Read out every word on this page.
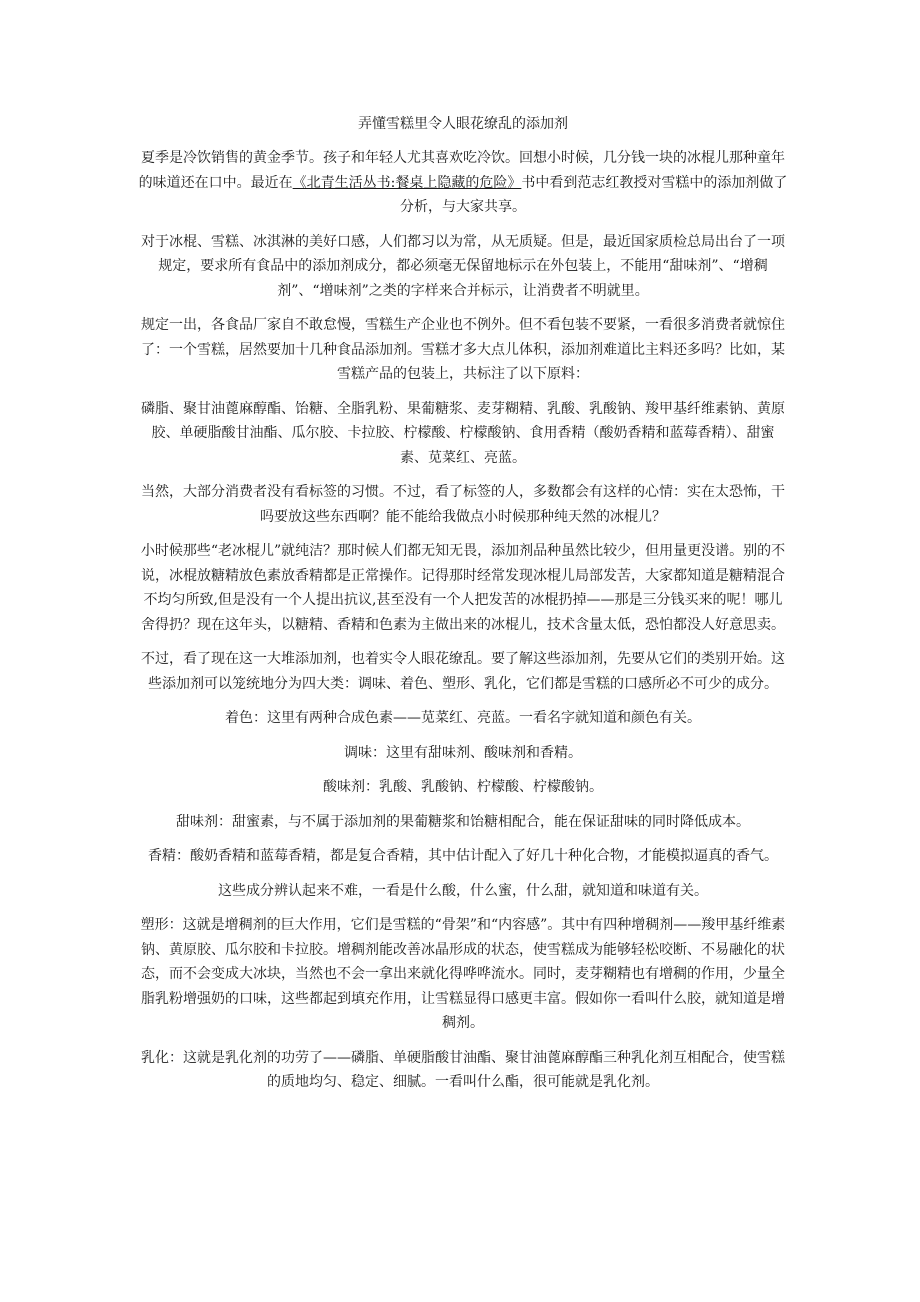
弄懂雪糕里令人眼花缭乱的添加剂
夏季是冷饮销售的黄金季节。孩子和年轻人尤其喜欢吃冷饮。回想小时候，几分钱一块的冰棍儿那种童年的味道还在口中。最近在《北青生活丛书:餐桌上隐藏的危险》书中看到范志红教授对雪糕中的添加剂做了分析，与大家共享。
对于冰棍、雪糕、冰淇淋的美好口感，人们都习以为常，从无质疑。但是，最近国家质检总局出台了一项规定，要求所有食品中的添加剂成分，都必须毫无保留地标示在外包装上，不能用“甜味剂”、“增稠剂”、“增味剂”之类的字样来合并标示，让消费者不明就里。
规定一出，各食品厂家自不敢怠慢，雪糕生产企业也不例外。但不看包装不要紧，一看很多消费者就惊住了：一个雪糕，居然要加十几种食品添加剂。雪糕才多大点儿体积，添加剂难道比主料还多吗？比如，某雪糕产品的包装上，共标注了以下原料：
磷脂、聚甘油蓖麻醇酯、饴糖、全脂乳粉、果葡糖浆、麦芽糊精、乳酸、乳酸钠、羧甲基纤维素钠、黄原胶、单硬脂酸甘油酯、瓜尔胶、卡拉胶、柠檬酸、柠檬酸钠、食用香精（酸奶香精和蓝莓香精）、甜蜜素、苋菜红、亮蓝。
当然，大部分消费者没有看标签的习惯。不过，看了标签的人，多数都会有这样的心情：实在太恐怖，干吗要放这些东西啊？能不能给我做点小时候那种纯天然的冰棍儿？
小时候那些“老冰棍儿”就纯洁？那时候人们都无知无畏，添加剂品种虽然比较少，但用量更没谱。别的不说，冰棍放糖精放色素放香精都是正常操作。记得那时经常发现冰棍儿局部发苦，大家都知道是糖精混合不均匀所致,但是没有一个人提出抗议,甚至没有一个人把发苦的冰棍扔掉——那是三分钱买来的呢！哪儿舍得扔？现在这年头，以糖精、香精和色素为主做出来的冰棍儿，技术含量太低，恐怕都没人好意思卖。
不过，看了现在这一大堆添加剂，也着实令人眼花缭乱。要了解这些添加剂，先要从它们的类别开始。这些添加剂可以笼统地分为四大类：调味、着色、塑形、乳化，它们都是雪糕的口感所必不可少的成分。
着色：这里有两种合成色素——苋菜红、亮蓝。一看名字就知道和颜色有关。
调味：这里有甜味剂、酸味剂和香精。
酸味剂：乳酸、乳酸钠、柠檬酸、柠檬酸钠。
甜味剂：甜蜜素，与不属于添加剂的果葡糖浆和饴糖相配合，能在保证甜味的同时降低成本。
香精：酸奶香精和蓝莓香精，都是复合香精，其中估计配入了好几十种化合物，才能模拟逼真的香气。
这些成分辨认起来不难，一看是什么酸，什么蜜，什么甜，就知道和味道有关。
塑形：这就是增稠剂的巨大作用，它们是雪糕的“骨架”和“内容感”。其中有四种增稠剂——羧甲基纤维素钠、黄原胶、瓜尔胶和卡拉胶。增稠剂能改善冰晶形成的状态，使雪糕成为能够轻松咬断、不易融化的状态，而不会变成大冰块，当然也不会一拿出来就化得哗哗流水。同时，麦芽糊精也有增稠的作用，少量全脂乳粉增强奶的口味，这些都起到填充作用，让雪糕显得口感更丰富。假如你一看叫什么胶，就知道是增稠剂。
乳化：这就是乳化剂的功劳了——磷脂、单硬脂酸甘油酯、聚甘油蓖麻醇酯三种乳化剂互相配合，使雪糕的质地均匀、稳定、细腻。一看叫什么酯，很可能就是乳化剂。
